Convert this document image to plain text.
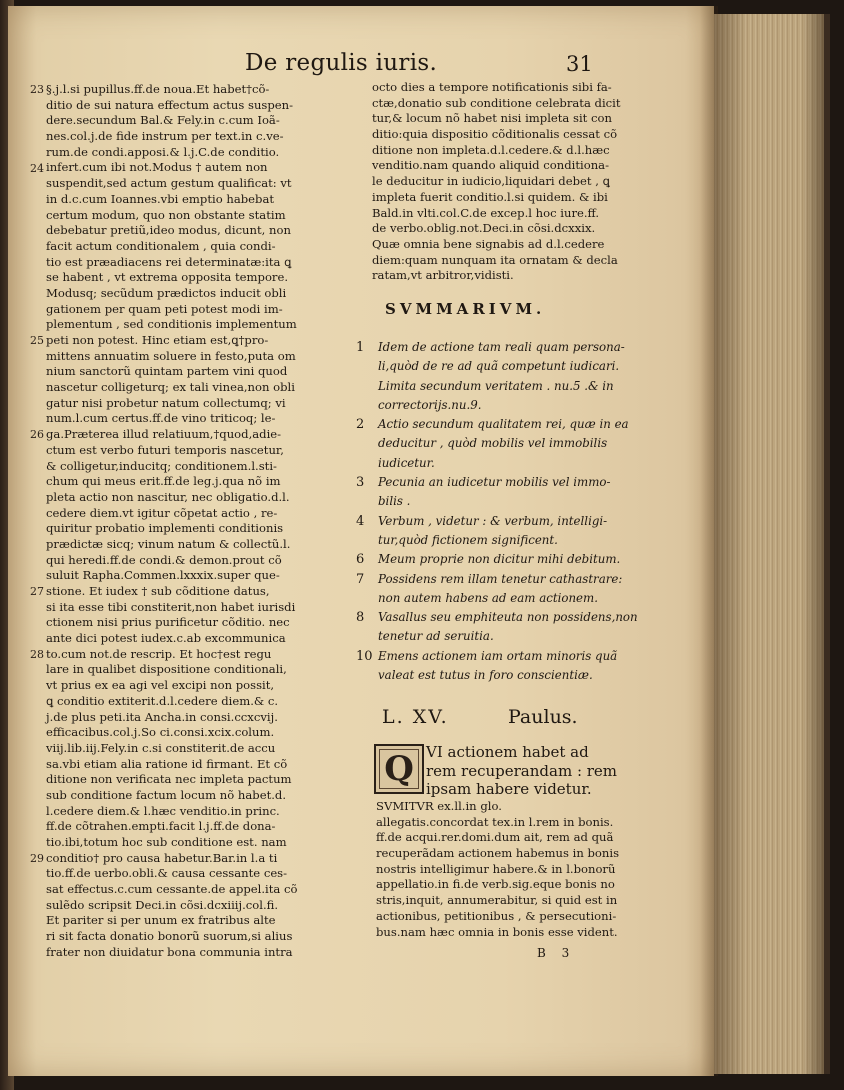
De regulis iuris.	31
§.j.l.si pupillus.ff.de noua.Et habet†cõ-
ditio de sui natura effectum actus suspen-
dere.secundum Bal.& Fely.in c.cum Ioã-
nes.col.j.de fide instrum per text.in c.ve-
rum.de condi.apposi.& l.j.C.de conditio.
infert.cum ibi not.Modus † autem non
suspendit,sed actum gestum qualificat: vt
in d.c.cum Ioannes.vbi emptio habebat
certum modum, quo non obstante statim
debebatur pretiũ,ideo modus, dicunt, non
facit actum conditionalem , quia condi-
tio est præadiacens rei determinatæ:ita ꝗ
se habent , vt extrema opposita tempore.
Modusq; secũdum prædictos inducit obli
gationem per quam peti potest modi im-
plementum , sed conditionis implementum
peti non potest. Hinc etiam est,ꝗ†pro-
mittens annuatim soluere in festo,puta om
nium sanctorũ quintam partem vini quod
nascetur colligeturq; ex tali vinea,non obli
gatur nisi probetur natum collectumq; vi
num.l.cum certus.ff.de vino triticoq; le-
ga.Præterea illud relatiuum,†quod,adie-
ctum est verbo futuri temporis nascetur,
& colligetur,inducitq; conditionem.l.sti-
chum qui meus erit.ff.de leg.j.qua nõ im
pleta actio non nascitur, nec obligatio.d.l.
cedere diem.vt igitur cõpetat actio , re-
quiritur probatio implementi conditionis
prædictæ sicq; vinum natum & collectũ.l.
qui heredi.ff.de condi.& demon.prout cõ
suluit Rapha.Commen.lxxxix.super que-
stione. Et iudex † sub cõditione datus,
si ita esse tibi constiterit,non habet iurisdi
ctionem nisi prius purificetur cõditio. nec
ante dici potest iudex.c.ab excommunica
to.cum not.de rescrip. Et hoc†est regu
lare in qualibet dispositione conditionali,
vt prius ex ea agi vel excipi non possit,
ꝗ conditio extiterit.d.l.cedere diem.& c.
j.de plus peti.ita Ancha.in consi.ccxcvij.
efficacibus.col.j.So ci.consi.xcix.colum.
viij.lib.iij.Fely.in c.si constiterit.de accu
sa.vbi etiam alia ratione id firmant. Et cõ
ditione non verificata nec impleta pactum
sub conditione factum locum nõ habet.d.
l.cedere diem.& l.hæc venditio.in princ.
ff.de cõtrahen.empti.facit l.j.ff.de dona-
tio.ibi,totum hoc sub conditione est. nam
conditio† pro causa habetur.Bar.in l.a ti
tio.ff.de uerbo.obli.& causa cessante ces-
sat effectus.c.cum cessante.de appel.ita cõ
sulẽdo scripsit Deci.in cõsi.dcxiiij.col.fi.
Et pariter si per unum ex fratribus alte
ri sit facta donatio bonorũ suorum,si alius
frater non diuidatur bona communia intra
23
24
25
26
27
28
29
octo dies a tempore notificationis sibi fa-
ctæ,donatio sub conditione celebrata dicit
tur,& locum nõ habet nisi impleta sit con
ditio:quia dispositio cõditionalis cessat cõ
ditione non impleta.d.l.cedere.& d.l.hæc
venditio.nam quando aliquid conditiona-
le deducitur in iudicio,liquidari debet , ꝗ
impleta fuerit conditio.l.si quidem. & ibi
Bald.in vlti.col.C.de excep.l hoc iure.ff.
de verbo.oblig.not.Deci.in cõsi.dcxxix.
Quæ omnia bene signabis ad d.l.cedere
diem:quam nunquam ita ornatam & decla
ratam,vt arbitror,vidisti.
SVMMARIVM.
1 Idem de actione tam reali quam persona-
li,quòd de re ad quã competunt iudicari.
Limita secundum veritatem . nu.5 .& in
correctorijs.nu.9.
2 Actio secundum qualitatem rei, quæ in ea
deducitur , quòd mobilis vel immobilis
iudicetur.
3 Pecunia an iudicetur mobilis vel immo-
bilis .
4 Verbum , videtur : & verbum, intelligi-
tur,quòd fictionem significent.
6 Meum proprie non dicitur mihi debitum.
7 Possidens rem illam tenetur cathastrare:
non autem habens ad eam actionem.
8 Vasallus seu emphiteuta non possidens,non
tenetur ad seruitia.
10 Emens actionem iam ortam minoris quã
valeat est tutus in foro conscientiæ.
L. XV.	Paulus.
Q VI actionem habet ad
rem recuperandam : rem
ipsam habere videtur.
SVMITVR ex.ll.in glo.
allegatis.concordat tex.in l.rem in bonis.
ff.de acqui.rer.domi.dum ait, rem ad quã
recuperãdam actionem habemus in bonis
nostris intelligimur habere.& in l.bonorũ
appellatio.in fi.de verb.sig.eque bonis no
stris,inquit, annumerabitur, si quid est in
actionibus, petitionibus , & persecutioni-
bus.nam hæc omnia in bonis esse vident.
B 3
